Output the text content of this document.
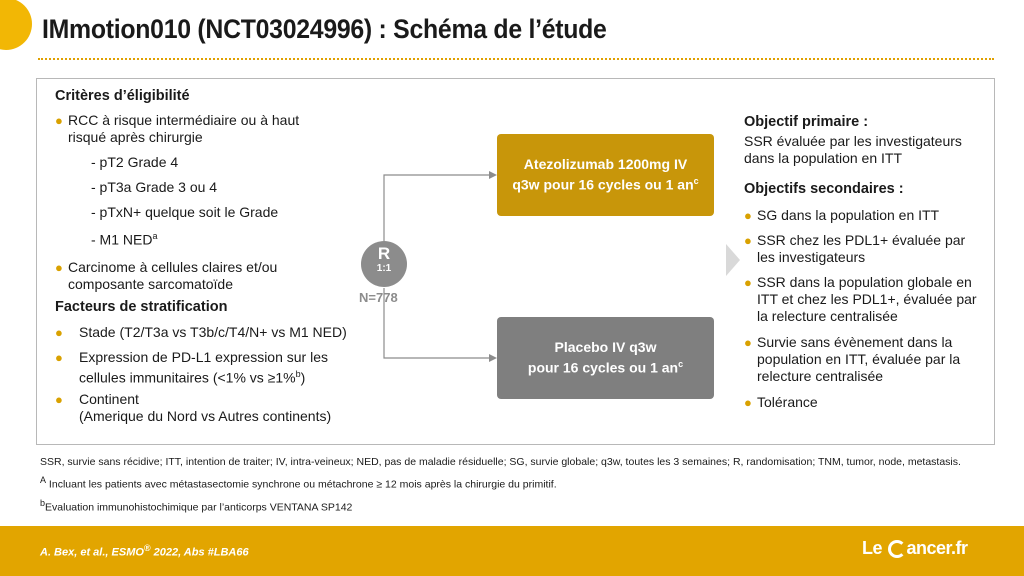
IMmotion010 (NCT03024996) : Schéma de l’étude
Critères d’éligibilité
● RCC à risque intermédiaire ou à haut
risqué après chirurgie
- pT2 Grade 4
- pT3a Grade 3 ou 4
- pTxN+ quelque soit le Grade
- M1 NED$^a$
● Carcinome à cellules claires et/ou
composante sarcomatoïde
Facteurs de stratification
● Stade (T2/T3a vs T3b/c/T4/N+ vs M1 NED)
● Expression de PD-L1 expression sur les
cellules immunitaires (<1% vs ≥1%$^b$)
● Continent
(Amerique du Nord vs Autres continents)
R
1:1
N=778
Atezolizumab 1200mg IV
q3w pour 16 cycles ou 1 $an^c$
Placebo IV q3w
pour 16 cycles ou 1 $an^c$
Objectif primaire :
SSR évaluée par les investigateurs
dans la population en ITT
Objectifs secondaires :
● SG dans la population en ITT
● SSR chez les PDL1+ évaluée par
les investigateurs
● SSR dans la population globale en
ITT et chez les PDL1+, évaluée par
la relecture centralisée
● Survie sans évènement dans la
population en ITT, évaluée par la
relecture centralisée
● Tolérance
SSR, survie sans récidive; ITT, intention de traiter; IV, intra-veineux; NED, pas de maladie résiduelle; SG, survie globale; q3w, toutes les 3 semaines; R, randomisation; TNM, tumor, node, metastasis.
$^A$ Incluant les patients avec métastasectomie synchrone ou métachrone ≥ 12 mois après la chirurgie du primitif.
$^b$Evaluation immunohistochimique par l’anticorps VENTANA SP142
A. Bex, et al., ESMO® 2022, Abs #LBA66	Le ancer.fr
